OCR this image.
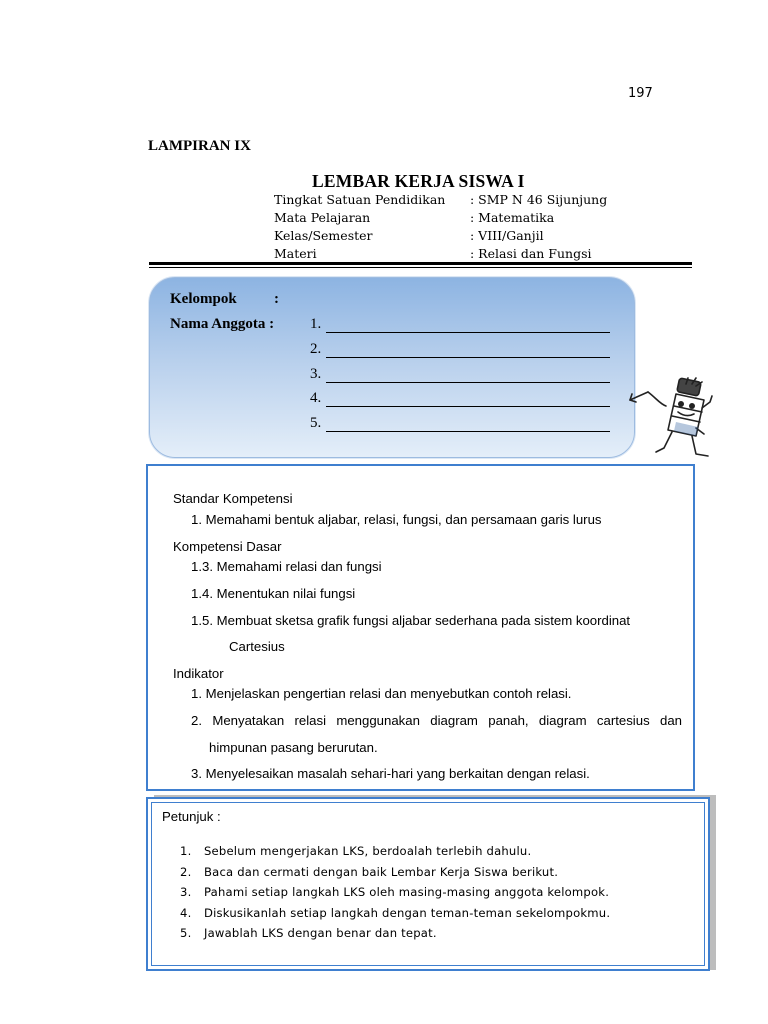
197
LAMPIRAN IX
LEMBAR KERJA SISWA I
Tingkat Satuan Pendidikan : SMP N 46 Sijunjung
Mata Pelajaran	: Matematika
Kelas/Semester	: VIII/Ganjil
Materi	: Relasi dan Fungsi
Kelompok :
Nama Anggota : 1.
2.
3.
4.
5.
Standar Kompetensi
1. Memahami bentuk aljabar, relasi, fungsi, dan persamaan garis lurus
Kompetensi Dasar
1.3. Memahami relasi dan fungsi
1.4. Menentukan nilai fungsi
1.5. Membuat sketsa grafik fungsi aljabar sederhana pada sistem koordinat
Cartesius
Indikator
1. Menjelaskan pengertian relasi dan menyebutkan contoh relasi.
2. Menyatakan relasi menggunakan diagram panah, diagram cartesius dan
himpunan pasang berurutan.
3. Menyelesaikan masalah sehari-hari yang berkaitan dengan relasi.
Petunjuk :
1. Sebelum mengerjakan LKS, berdoalah terlebih dahulu.
2. Baca dan cermati dengan baik Lembar Kerja Siswa berikut.
3. Pahami setiap langkah LKS oleh masing-masing anggota kelompok.
4. Diskusikanlah setiap langkah dengan teman-teman sekelompokmu.
5. Jawablah LKS dengan benar dan tepat.
